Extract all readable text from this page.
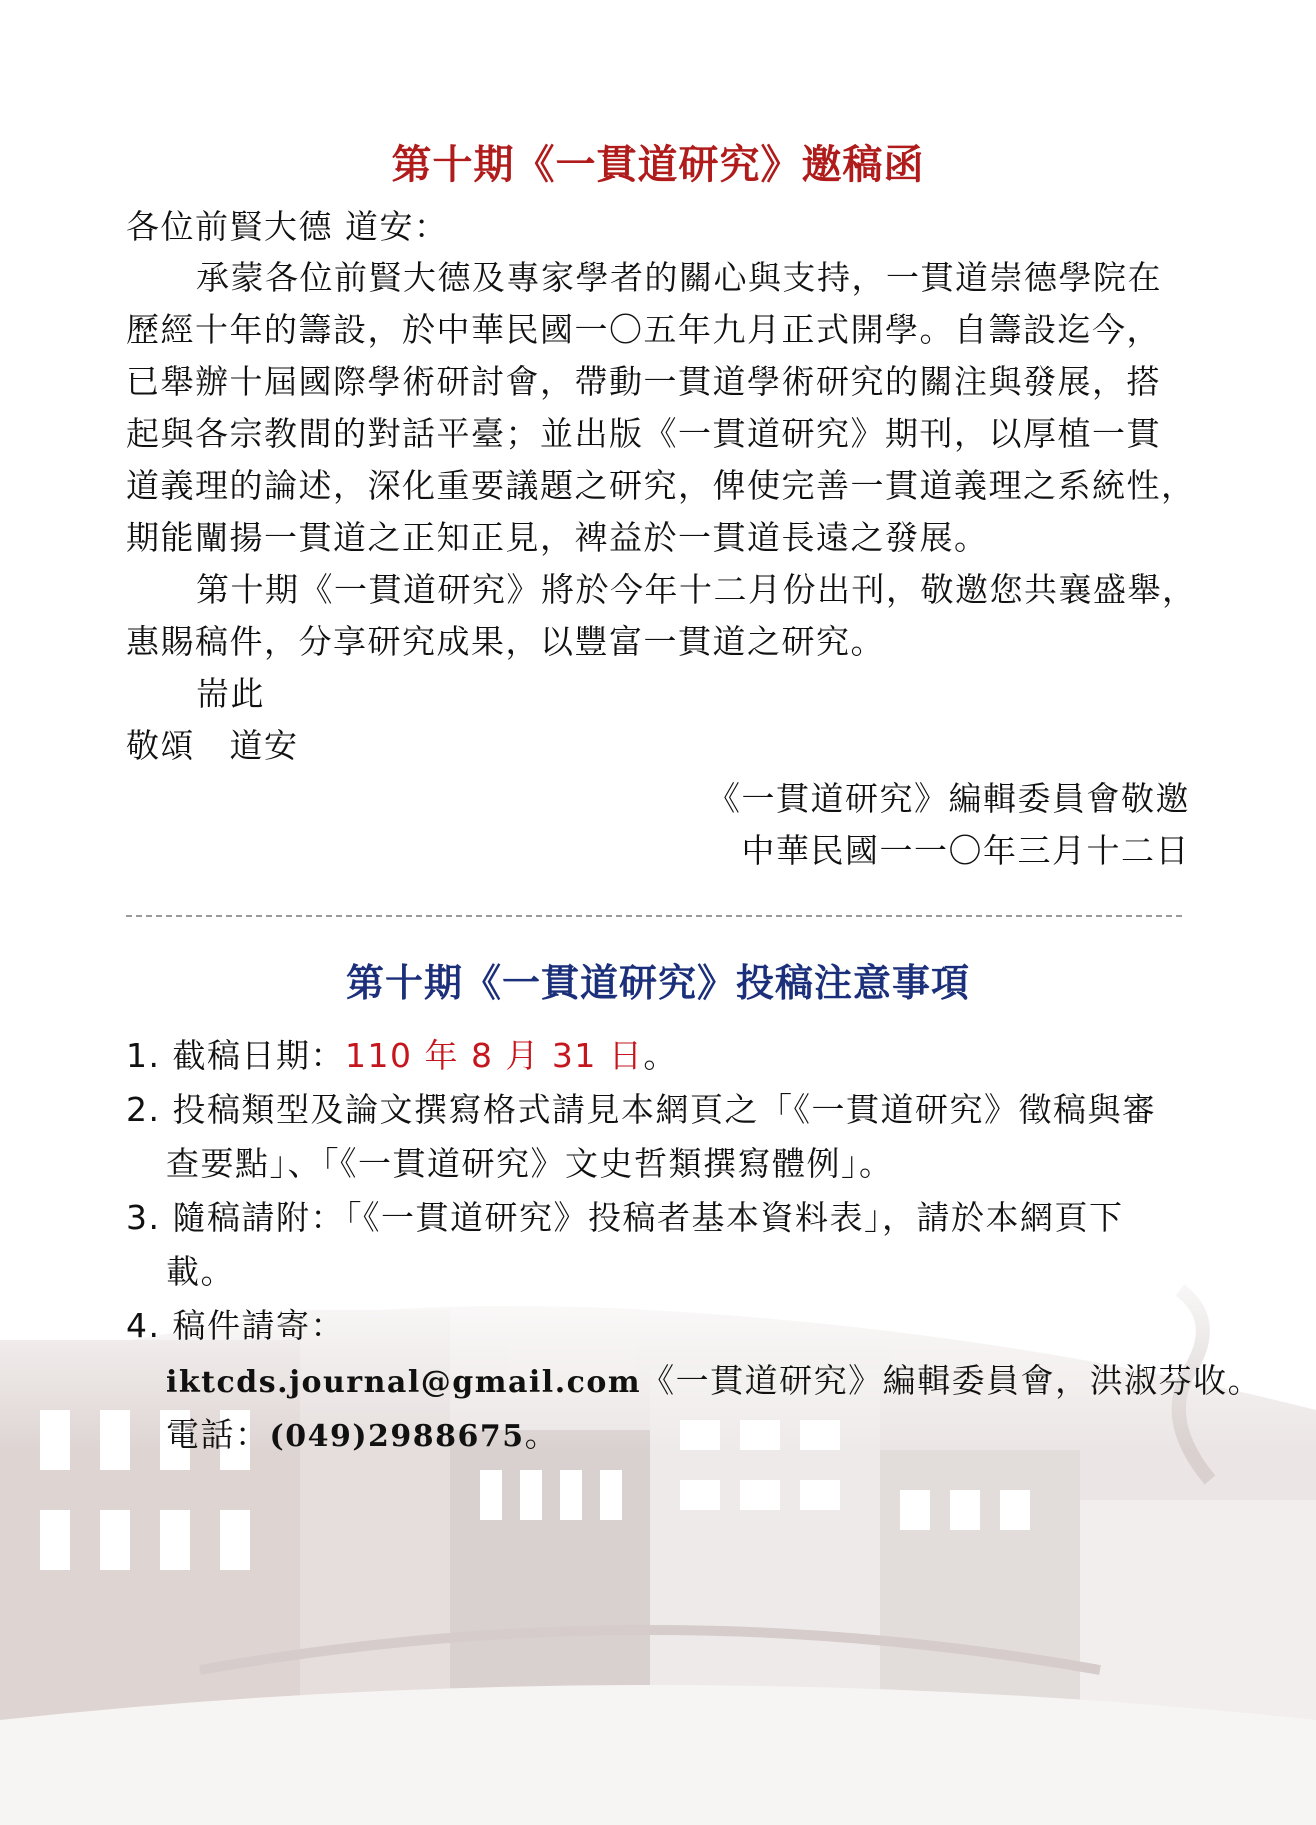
第十期《一貫道研究》邀稿函

各位前賢大德 道安：

承蒙各位前賢大德及專家學者的關心與支持，一貫道崇德學院在

歷經十年的籌設，於中華民國一〇五年九月正式開學。自籌設迄今，

已舉辦十屆國際學術研討會，帶動一貫道學術研究的關注與發展，搭

起與各宗教間的對話平臺；並出版《一貫道研究》期刊，以厚植一貫

道義理的論述，深化重要議題之研究，俾使完善一貫道義理之系統性，

期能闡揚一貫道之正知正見，裨益於一貫道長遠之發展。

第十期《一貫道研究》將於今年十二月份出刊，敬邀您共襄盛舉，

惠賜稿件，分享研究成果，以豐富一貫道之研究。

耑此

敬頌　道安

《一貫道研究》編輯委員會敬邀

中華民國一一〇年三月十二日

第十期《一貫道研究》投稿注意事項

1. 截稿日期：110 年 8 月 31 日。

2. 投稿類型及論文撰寫格式請見本網頁之「《一貫道研究》徵稿與審

查要點」、「《一貫道研究》文史哲類撰寫體例」。

3. 隨稿請附：「《一貫道研究》投稿者基本資料表」，請於本網頁下

載。

4. 稿件請寄：

iktcds.journal@gmail.com《一貫道研究》編輯委員會，洪淑芬收。

電話：(049)2988675。
